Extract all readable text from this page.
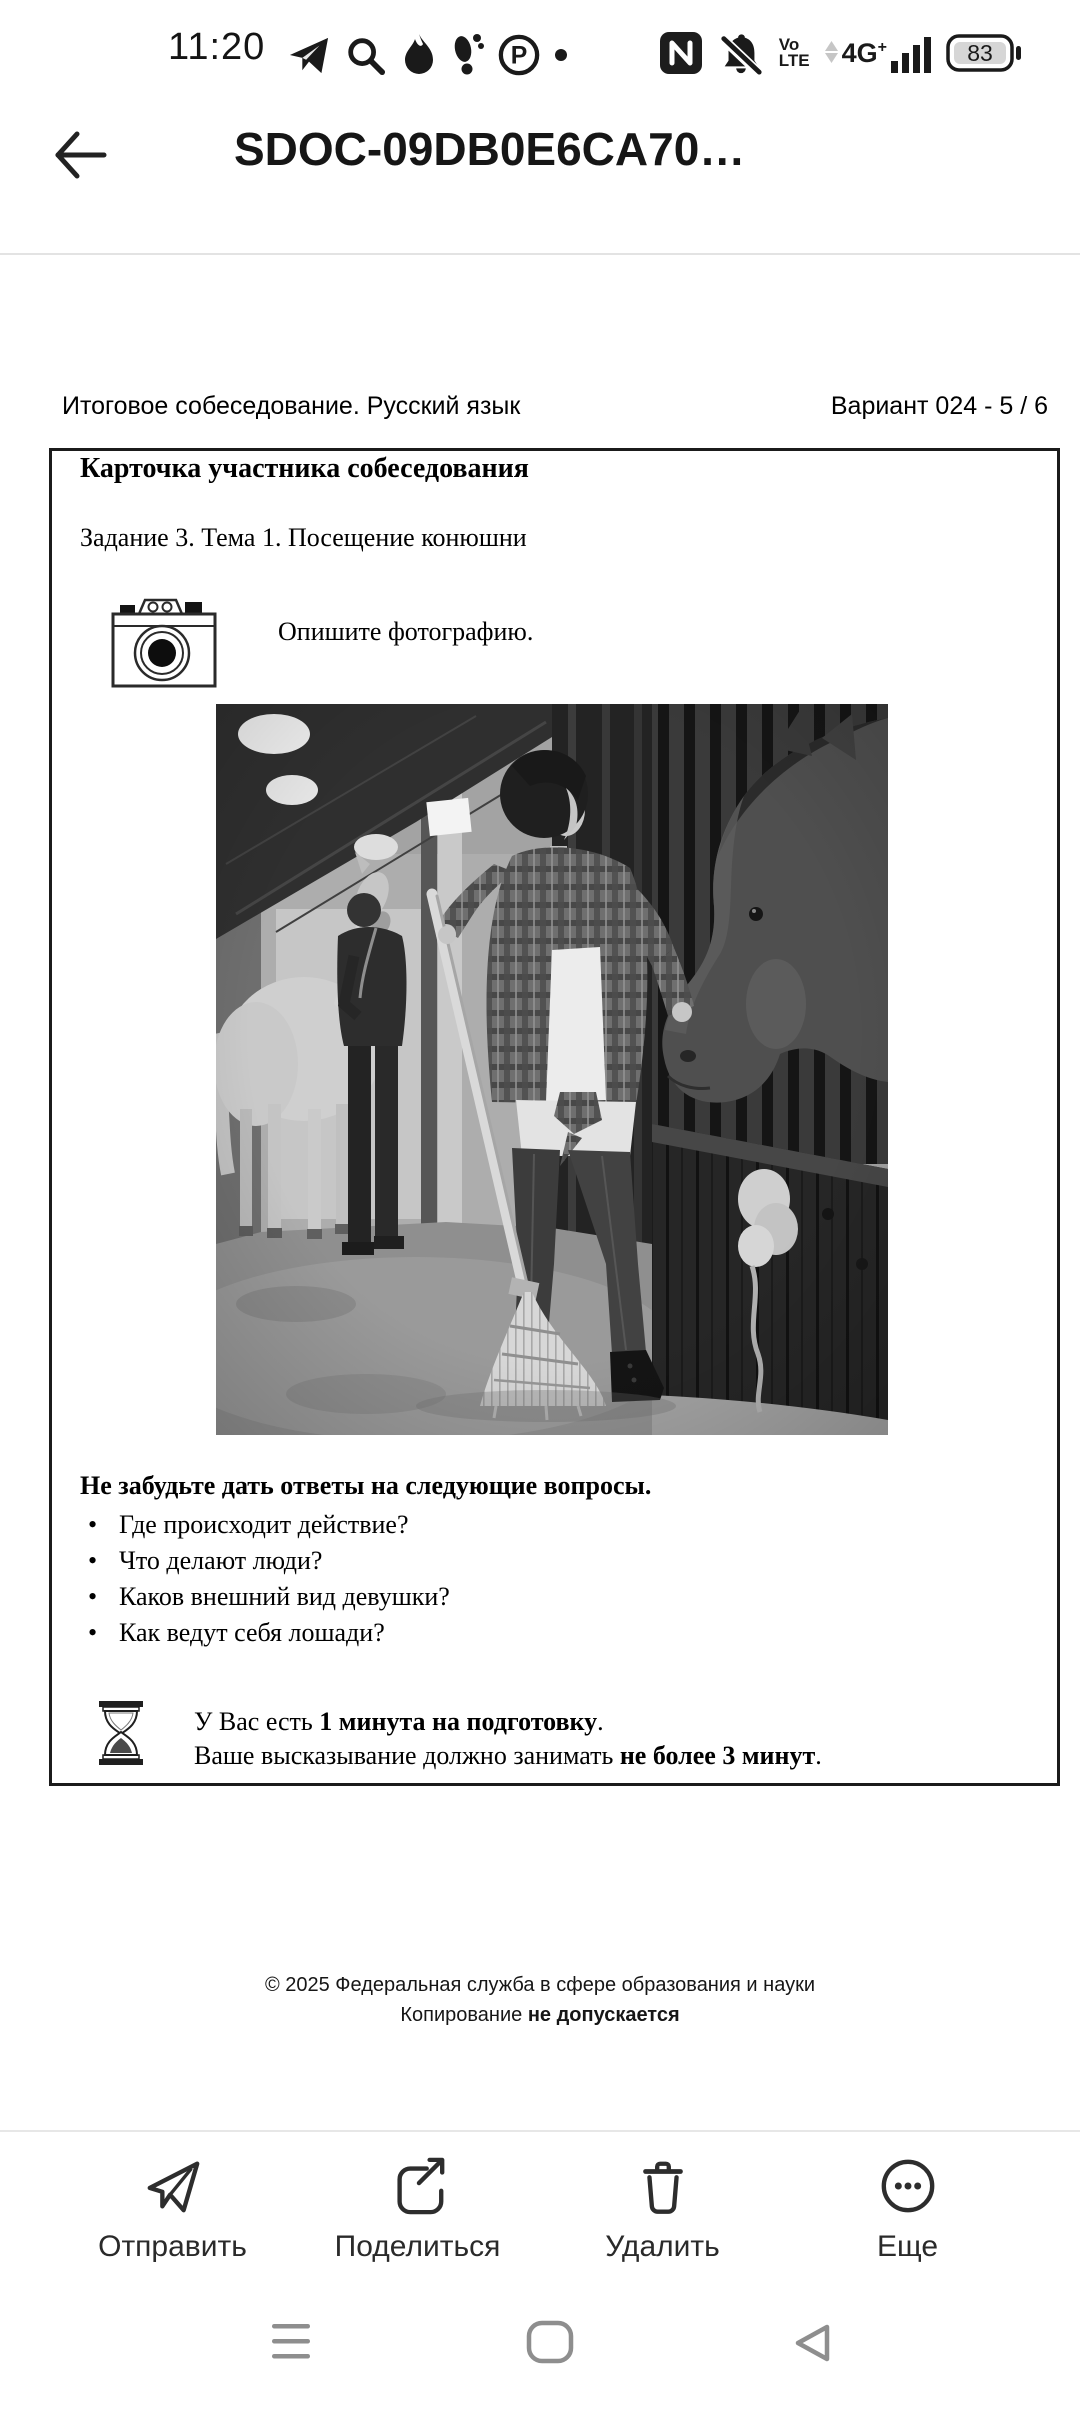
11:20	P	Vo
LTE 4G+	83
SDOC-09DB0E6CA70…
Итоговое собеседование. Русский язык	Вариант 024 - 5 / 6
Карточка участника собеседования
Задание 3. Тема 1. Посещение конюшни
Опишите фотографию.
Не забудьте дать ответы на следующие вопросы.
• Где происходит действие?
• Что делают люди?
• Каков внешний вид девушки?
• Как ведут себя лошади?
У Вас есть 1 минута на подготовку.
Ваше высказывание должно занимать не более 3 минут.
© 2025 Федеральная служба в сфере образования и науки
Копирование не допускается
Отправить	Поделиться	Удалить	Еще
